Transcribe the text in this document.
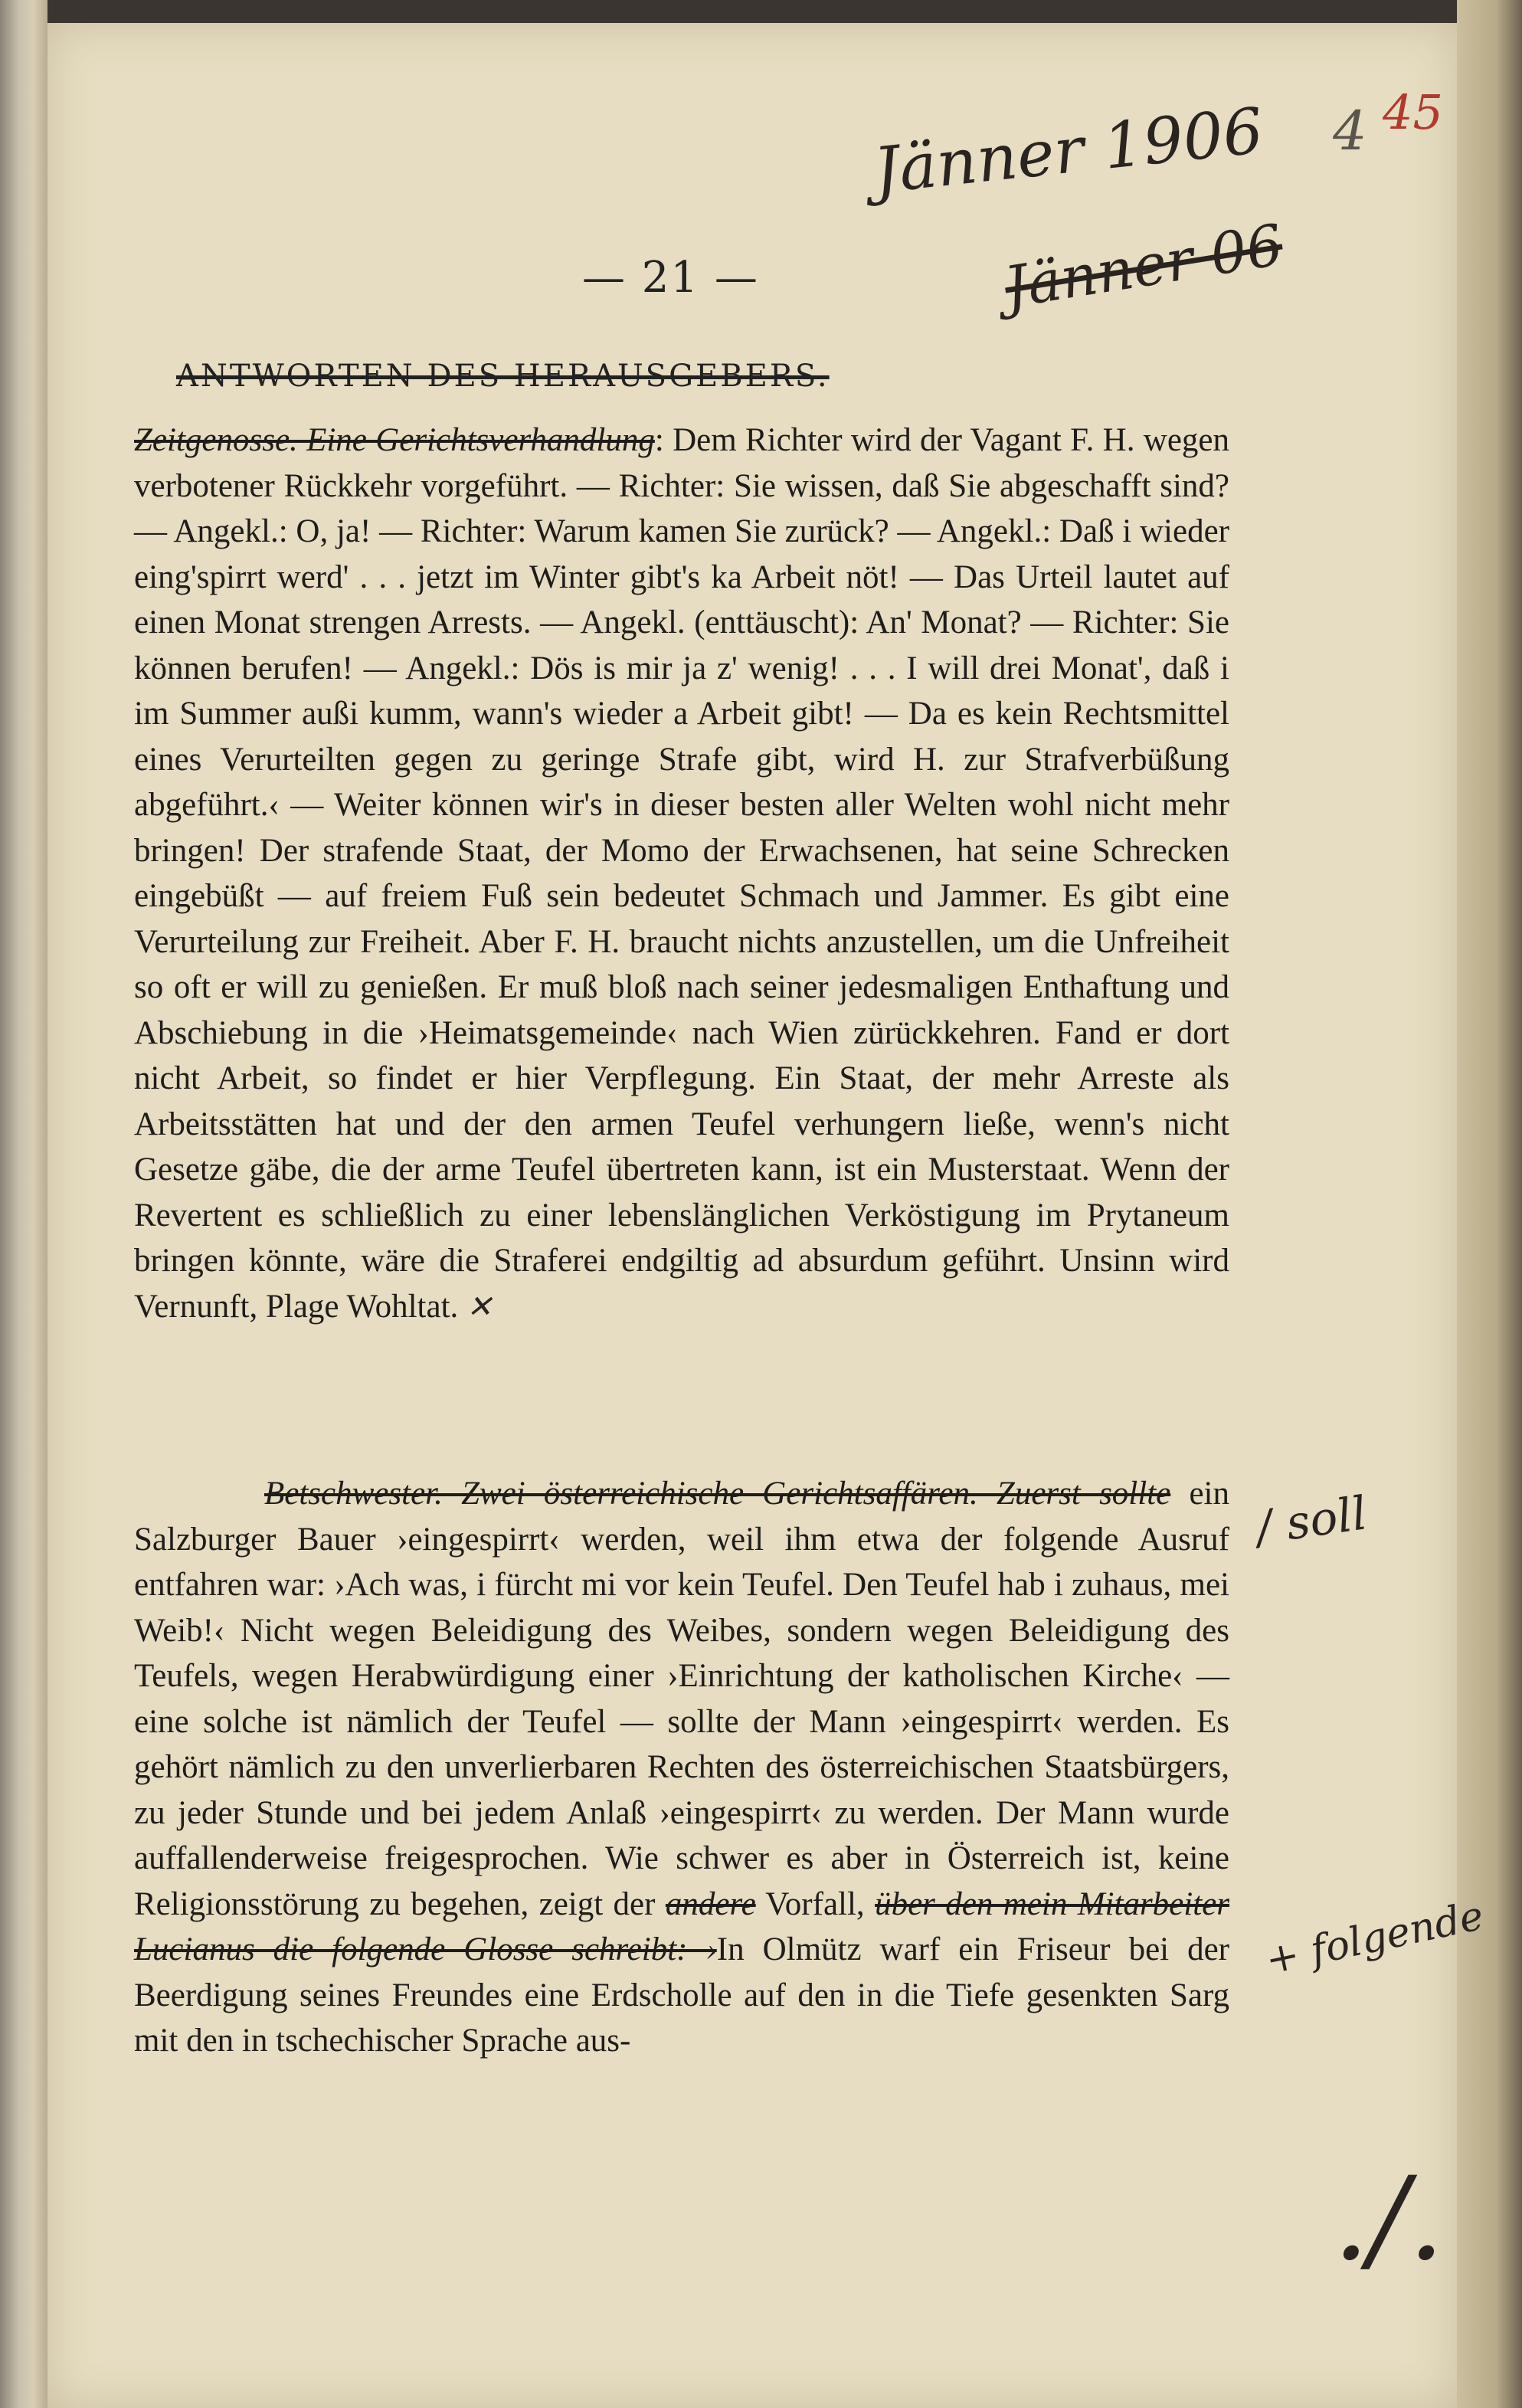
Jänner 1906
Jänner 06
4 45
— 21 —
ANTWORTEN DES HERAUSGEBERS.
Zeitgenosse. Eine Gerichtsverhandlung: Dem Richter wird der Vagant F. H. wegen verbotener Rückkehr vorgeführt. — Richter: Sie wissen, daß Sie abgeschafft sind? — Angekl.: O, ja! — Richter: Warum kamen Sie zurück? — Angekl.: Daß i wieder eing'spirrt werd' . . . jetzt im Winter gibt's ka Arbeit nöt! — Das Urteil lautet auf einen Monat strengen Arrests. — Angekl. (enttäuscht): An' Monat? — Richter: Sie können berufen! — Angekl.: Dös is mir ja z' wenig! . . . I will drei Monat', daß i im Summer außi kumm, wann's wieder a Arbeit gibt! — Da es kein Rechtsmittel eines Verurteilten gegen zu geringe Strafe gibt, wird H. zur Strafverbüßung abgeführt.‹ — Weiter können wir's in dieser besten aller Welten wohl nicht mehr bringen! Der strafende Staat, der Momo der Erwachsenen, hat seine Schrecken eingebüßt — auf freiem Fuß sein bedeutet Schmach und Jammer. Es gibt eine Verurteilung zur Freiheit. Aber F. H. braucht nichts anzustellen, um die Unfreiheit so oft er will zu genießen. Er muß bloß nach seiner jedesmaligen Enthaftung und Abschiebung in die ›Heimatsgemeinde‹ nach Wien zürückkehren. Fand er dort nicht Arbeit, so findet er hier Verpflegung. Ein Staat, der mehr Arreste als Arbeitsstätten hat und der den armen Teufel verhungern ließe, wenn's nicht Gesetze gäbe, die der arme Teufel übertreten kann, ist ein Musterstaat. Wenn der Revertent es schließlich zu einer lebenslänglichen Verköstigung im Prytaneum bringen könnte, wäre die Straferei endgiltig ad absurdum geführt. Unsinn wird Vernunft, Plage Wohltat. ✕
Betschwester. Zwei österreichische Gerichtsaffären. Zuerst sollte ein Salzburger Bauer ›eingespirrt‹ werden, weil ihm etwa der folgende Ausruf entfahren war: ›Ach was, i fürcht mi vor kein Teufel. Den Teufel hab i zuhaus, mei Weib!‹ Nicht wegen Beleidigung des Weibes, sondern wegen Beleidigung des Teufels, wegen Herabwürdigung einer ›Einrichtung der katholischen Kirche‹ — eine solche ist nämlich der Teufel — sollte der Mann ›eingespirrt‹ werden. Es gehört nämlich zu den unverlierbaren Rechten des österreichischen Staatsbürgers, zu jeder Stunde und bei jedem Anlaß ›eingespirrt‹ zu werden. Der Mann wurde auffallenderweise freigesprochen. Wie schwer es aber in Österreich ist, keine Religionsstörung zu begehen, zeigt der andere Vorfall, über den mein Mitarbeiter Lucianus die folgende Glosse schreibt: ›In Olmütz warf ein Friseur bei der Beerdigung seines Freundes eine Erdscholle auf den in die Tiefe gesenkten Sarg mit den in tschechischer Sprache aus-
/ soll
+ folgende
./.
